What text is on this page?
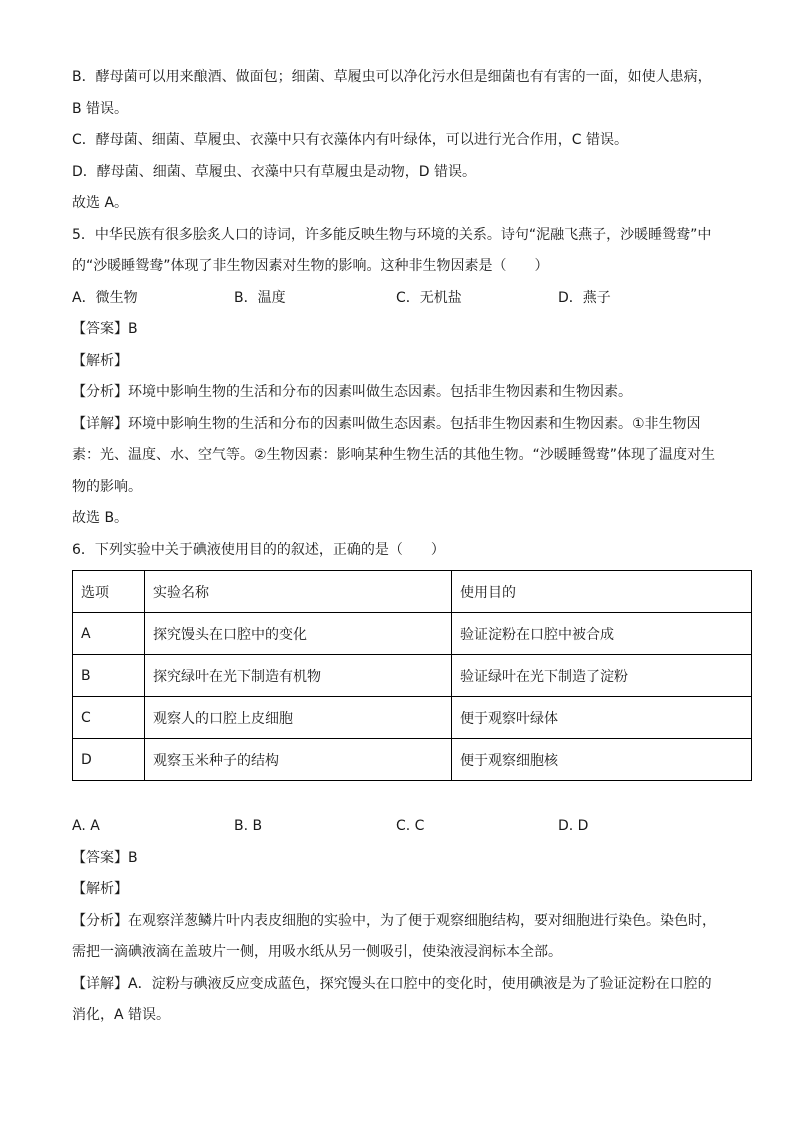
B．酵母菌可以用来酿酒、做面包；细菌、草履虫可以净化污水但是细菌也有有害的一面，如使人患病，

B 错误。

C．酵母菌、细菌、草履虫、衣藻中只有衣藻体内有叶绿体，可以进行光合作用，C 错误。

D．酵母菌、细菌、草履虫、衣藻中只有草履虫是动物，D 错误。

故选 A。

5．中华民族有很多脍炙人口的诗词，许多能反映生物与环境的关系。诗句“泥融飞燕子，沙暖睡鸳鸯”中

的“沙暖睡鸳鸯”体现了非生物因素对生物的影响。这种非生物因素是（　　）

A．微生物	B．温度	C．无机盐	D．燕子

【答案】B

【解析】

【分析】环境中影响生物的生活和分布的因素叫做生态因素。包括非生物因素和生物因素。

【详解】环境中影响生物的生活和分布的因素叫做生态因素。包括非生物因素和生物因素。①非生物因

素：光、温度、水、空气等。②生物因素：影响某种生物生活的其他生物。“沙暖睡鸳鸯”体现了温度对生

物的影响。

故选 B。

6．下列实验中关于碘液使用目的的叙述，正确的是（　　）

选项	实验名称	使用目的
A	探究馒头在口腔中的变化	验证淀粉在口腔中被合成
B	探究绿叶在光下制造有机物	验证绿叶在光下制造了淀粉
C	观察人的口腔上皮细胞	便于观察叶绿体
D	观察玉米种子的结构	便于观察细胞核
A. A	B. B	C. C	D. D

【答案】B

【解析】

【分析】在观察洋葱鳞片叶内表皮细胞的实验中，为了便于观察细胞结构，要对细胞进行染色。染色时，

需把一滴碘液滴在盖玻片一侧，用吸水纸从另一侧吸引，使染液浸润标本全部。

【详解】A．淀粉与碘液反应变成蓝色，探究馒头在口腔中的变化时，使用碘液是为了验证淀粉在口腔的

消化，A 错误。
